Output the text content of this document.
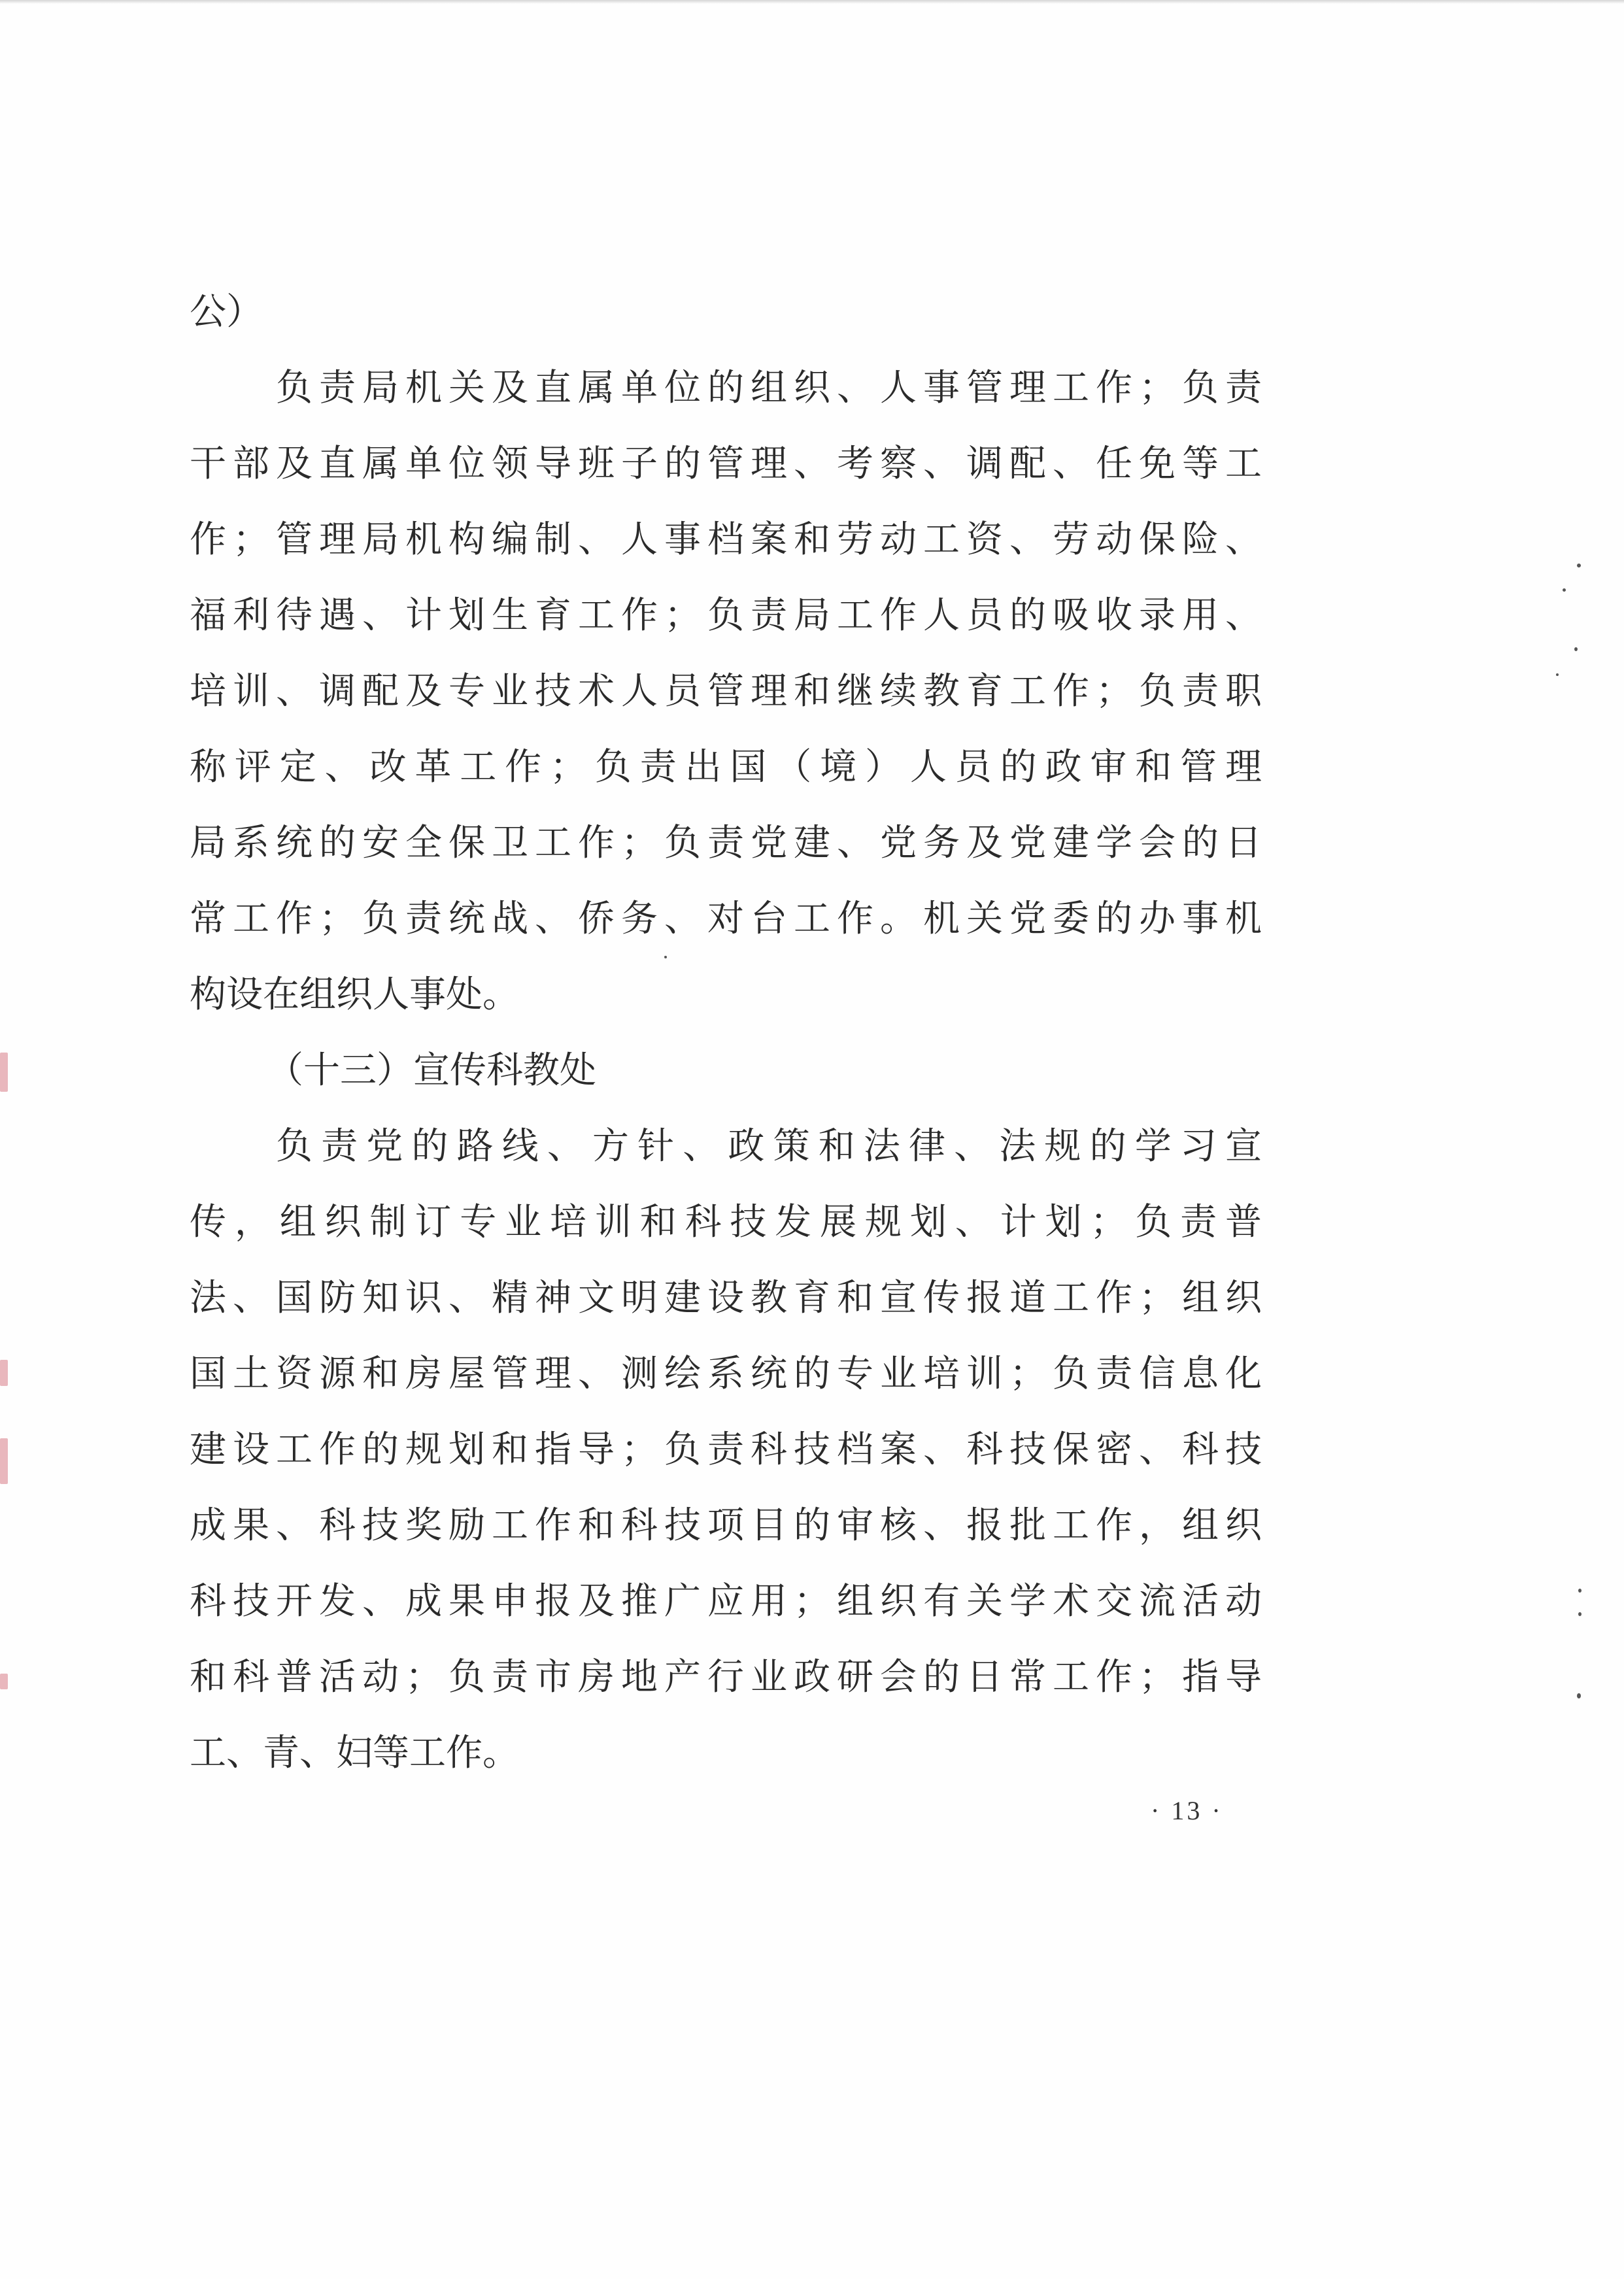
公）
负责局机关及直属单位的组织、人事管理工作；负责
干部及直属单位领导班子的管理、考察、调配、任免等工
作；管理局机构编制、人事档案和劳动工资、劳动保险、
福利待遇、计划生育工作；负责局工作人员的吸收录用、
培训、调配及专业技术人员管理和继续教育工作；负责职
称评定、改革工作；负责出国（境）人员的政审和管理
局系统的安全保卫工作；负责党建、党务及党建学会的日
常工作；负责统战、侨务、对台工作。机关党委的办事机
构设在组织人事处。
（十三）宣传科教处
负责党的路线、方针、政策和法律、法规的学习宣
传，组织制订专业培训和科技发展规划、计划；负责普
法、国防知识、精神文明建设教育和宣传报道工作；组织
国土资源和房屋管理、测绘系统的专业培训；负责信息化
建设工作的规划和指导；负责科技档案、科技保密、科技
成果、科技奖励工作和科技项目的审核、报批工作，组织
科技开发、成果申报及推广应用；组织有关学术交流活动
和科普活动；负责市房地产行业政研会的日常工作；指导
工、青、妇等工作。
· 13 ·
